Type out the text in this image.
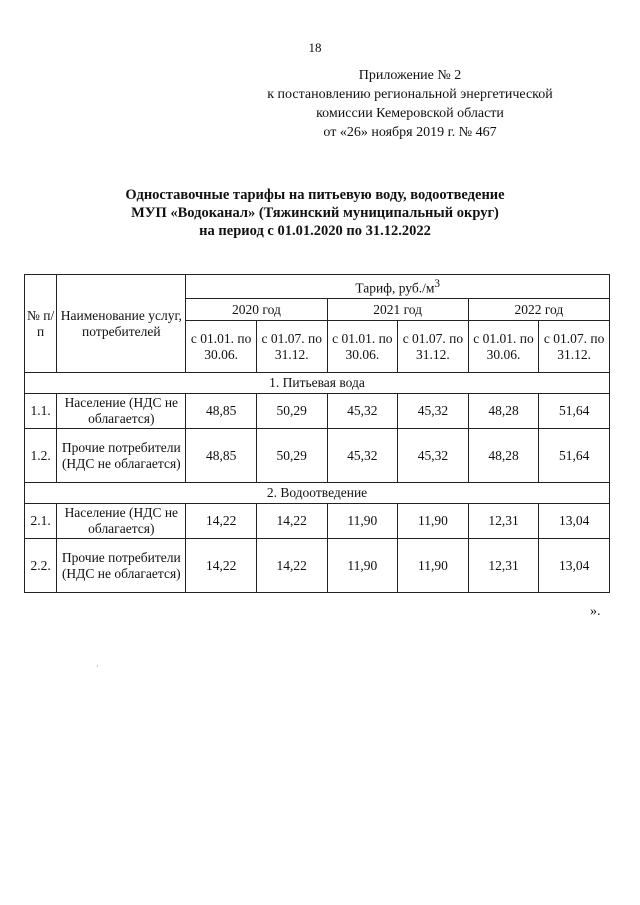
18
Приложение № 2
к постановлению региональной энергетической
комиссии Кемеровской области
от «26» ноября 2019 г. № 467
Одноставочные тарифы на питьевую воду, водоотведение
МУП «Водоканал» (Тяжинский муниципальный округ)
на период с 01.01.2020 по 31.12.2022
№ п/п	Наименование услуг, потребителей	Тариф, $руб./м^3$
		2020 год		2021 год		2022 год	
		с 01.01. по 30.06.	с 01.07. по 31.12.	с 01.01. по 30.06.	с 01.07. по 31.12.	с 01.01. по 30.06.	с 01.07. по 31.12.
1. Питьевая вода							
1.1.	Население (НДС не облагается)	48,85	50,29	45,32	45,32	48,28	51,64
1.2.	Прочие потребители (НДС не облагается)	48,85	50,29	45,32	45,32	48,28	51,64
2. Водоотведение							
2.1.	Население (НДС не облагается)	14,22	14,22	11,90	11,90	12,31	13,04
2.2.	Прочие потребители (НДС не облагается)	14,22	14,22	11,90	11,90	12,31	13,04
».
·
